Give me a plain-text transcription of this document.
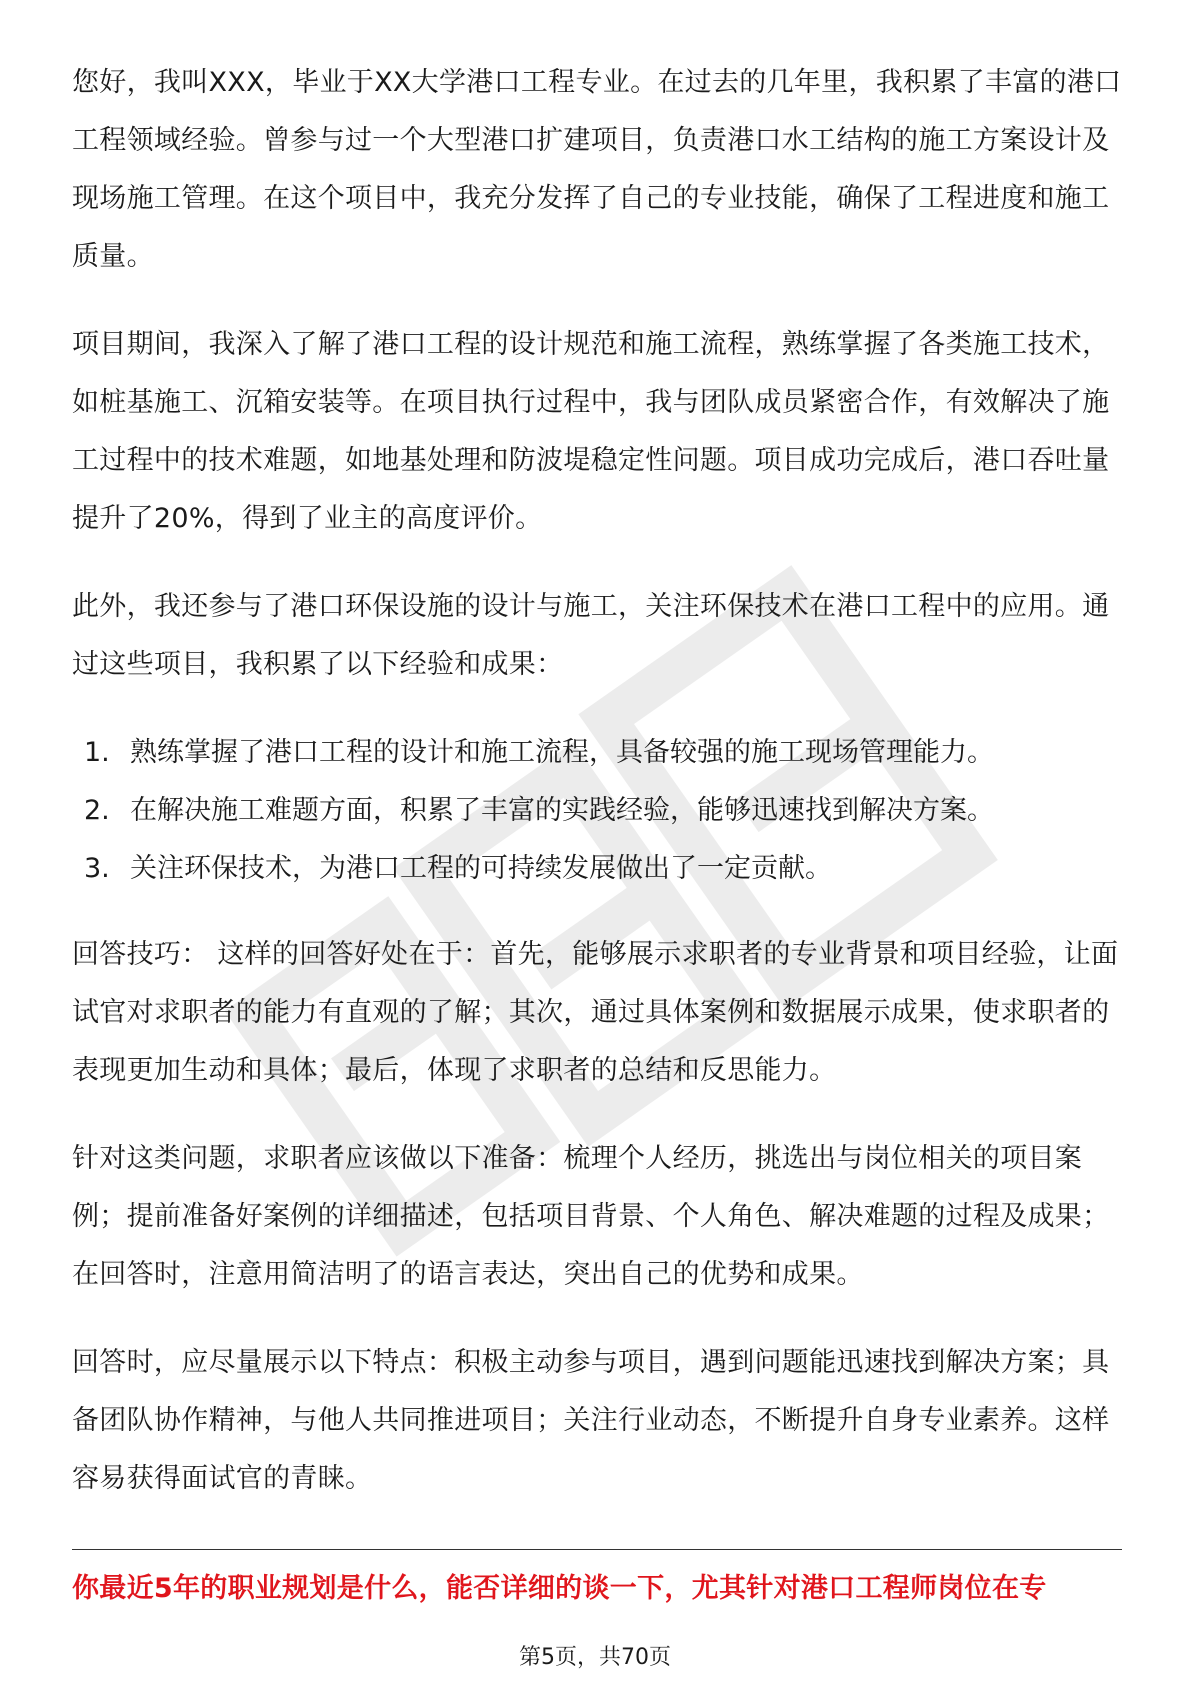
您好，我叫XXX，毕业于XX大学港口工程专业。在过去的几年里，我积累了丰富的港口工程领域经验。曾参与过一个大型港口扩建项目，负责港口水工结构的施工方案设计及现场施工管理。在这个项目中，我充分发挥了自己的专业技能，确保了工程进度和施工质量。

项目期间，我深入了解了港口工程的设计规范和施工流程，熟练掌握了各类施工技术，如桩基施工、沉箱安装等。在项目执行过程中，我与团队成员紧密合作，有效解决了施工过程中的技术难题，如地基处理和防波堤稳定性问题。项目成功完成后，港口吞吐量提升了20%，得到了业主的高度评价。

此外，我还参与了港口环保设施的设计与施工，关注环保技术在港口工程中的应用。通过这些项目，我积累了以下经验和成果：

1. 熟练掌握了港口工程的设计和施工流程，具备较强的施工现场管理能力。
2. 在解决施工难题方面，积累了丰富的实践经验，能够迅速找到解决方案。
3. 关注环保技术，为港口工程的可持续发展做出了一定贡献。

回答技巧： 这样的回答好处在于：首先，能够展示求职者的专业背景和项目经验，让面试官对求职者的能力有直观的了解；其次，通过具体案例和数据展示成果，使求职者的表现更加生动和具体；最后，体现了求职者的总结和反思能力。

针对这类问题，求职者应该做以下准备：梳理个人经历，挑选出与岗位相关的项目案例；提前准备好案例的详细描述，包括项目背景、个人角色、解决难题的过程及成果；在回答时，注意用简洁明了的语言表达，突出自己的优势和成果。

回答时，应尽量展示以下特点：积极主动参与项目，遇到问题能迅速找到解决方案；具备团队协作精神，与他人共同推进项目；关注行业动态，不断提升自身专业素养。这样容易获得面试官的青睐。

你最近5年的职业规划是什么，能否详细的谈一下，尤其针对港口工程师岗位在专
第5页，共70页
